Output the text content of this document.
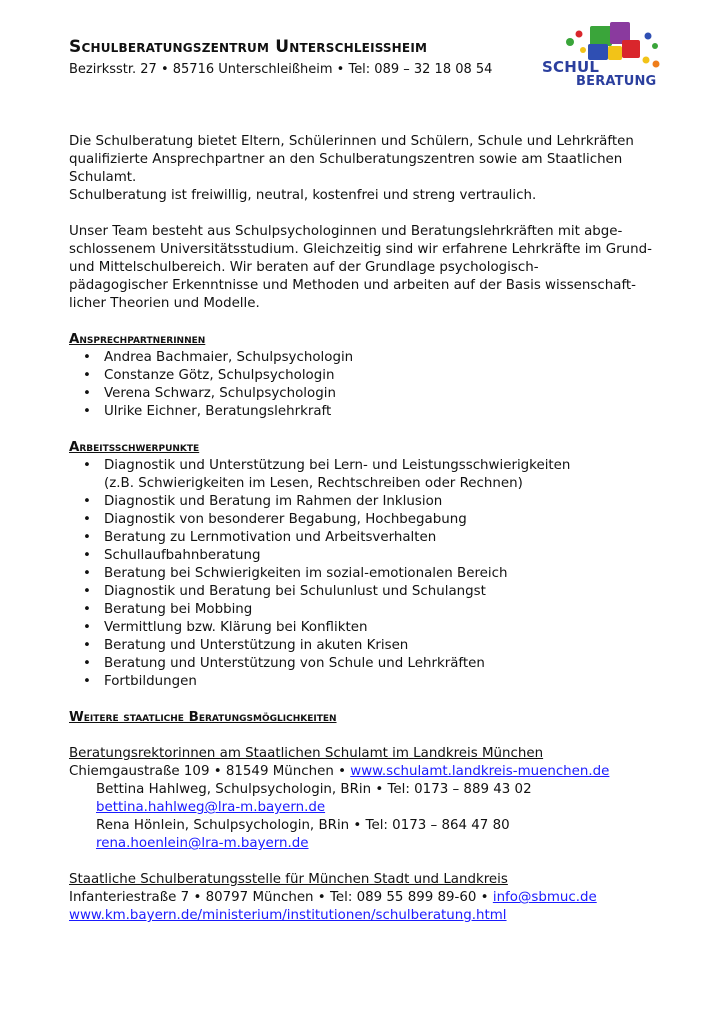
Schulberatungszentrum Unterschleißheim
Bezirksstr. 27 • 85716 Unterschleißheim • Tel: 089 – 32 18 08 54	SCHUL
BERATUNG

Die Schulberatung bietet Eltern, Schülerinnen und Schülern, Schule und Lehrkräften

qualifizierte Ansprechpartner an den Schulberatungszentren sowie am Staatlichen

Schulamt.

Schulberatung ist freiwillig, neutral, kostenfrei und streng vertraulich.

Unser Team besteht aus Schulpsychologinnen und Beratungslehrkräften mit abge-

schlossenem Universitätsstudium. Gleichzeitig sind wir erfahrene Lehrkräfte im Grund-

und Mittelschulbereich. Wir beraten auf der Grundlage psychologisch-

pädagogischer Erkenntnisse und Methoden und arbeiten auf der Basis wissenschaft-

licher Theorien und Modelle.

Ansprechpartnerinnen
• Andrea Bachmaier, Schulpsychologin
• Constanze Götz, Schulpsychologin
• Verena Schwarz, Schulpsychologin
• Ulrike Eichner, Beratungslehrkraft
Arbeitsschwerpunkte
• Diagnostik und Unterstützung bei Lern- und Leistungsschwierigkeiten
(z.B. Schwierigkeiten im Lesen, Rechtschreiben oder Rechnen)
• Diagnostik und Beratung im Rahmen der Inklusion
• Diagnostik von besonderer Begabung, Hochbegabung
• Beratung zu Lernmotivation und Arbeitsverhalten
• Schullaufbahnberatung
• Beratung bei Schwierigkeiten im sozial-emotionalen Bereich
• Diagnostik und Beratung bei Schulunlust und Schulangst
• Beratung bei Mobbing
• Vermittlung bzw. Klärung bei Konflikten
• Beratung und Unterstützung in akuten Krisen
• Beratung und Unterstützung von Schule und Lehrkräften
• Fortbildungen
Weitere staatliche Beratungsmöglichkeiten
Beratungsrektorinnen am Staatlichen Schulamt im Landkreis München
Chiemgaustraße 109 • 81549 München • www.schulamt.landkreis-muenchen.de
Bettina Hahlweg, Schulpsychologin, BRin • Tel: 0173 – 889 43 02
bettina.hahlweg@lra-m.bayern.de
Rena Hönlein, Schulpsychologin, BRin • Tel: 0173 – 864 47 80
rena.hoenlein@lra-m.bayern.de
Staatliche Schulberatungsstelle für München Stadt und Landkreis
Infanteriestraße 7 • 80797 München • Tel: 089 55 899 89-60 • info@sbmuc.de
www.km.bayern.de/ministerium/institutionen/schulberatung.html
